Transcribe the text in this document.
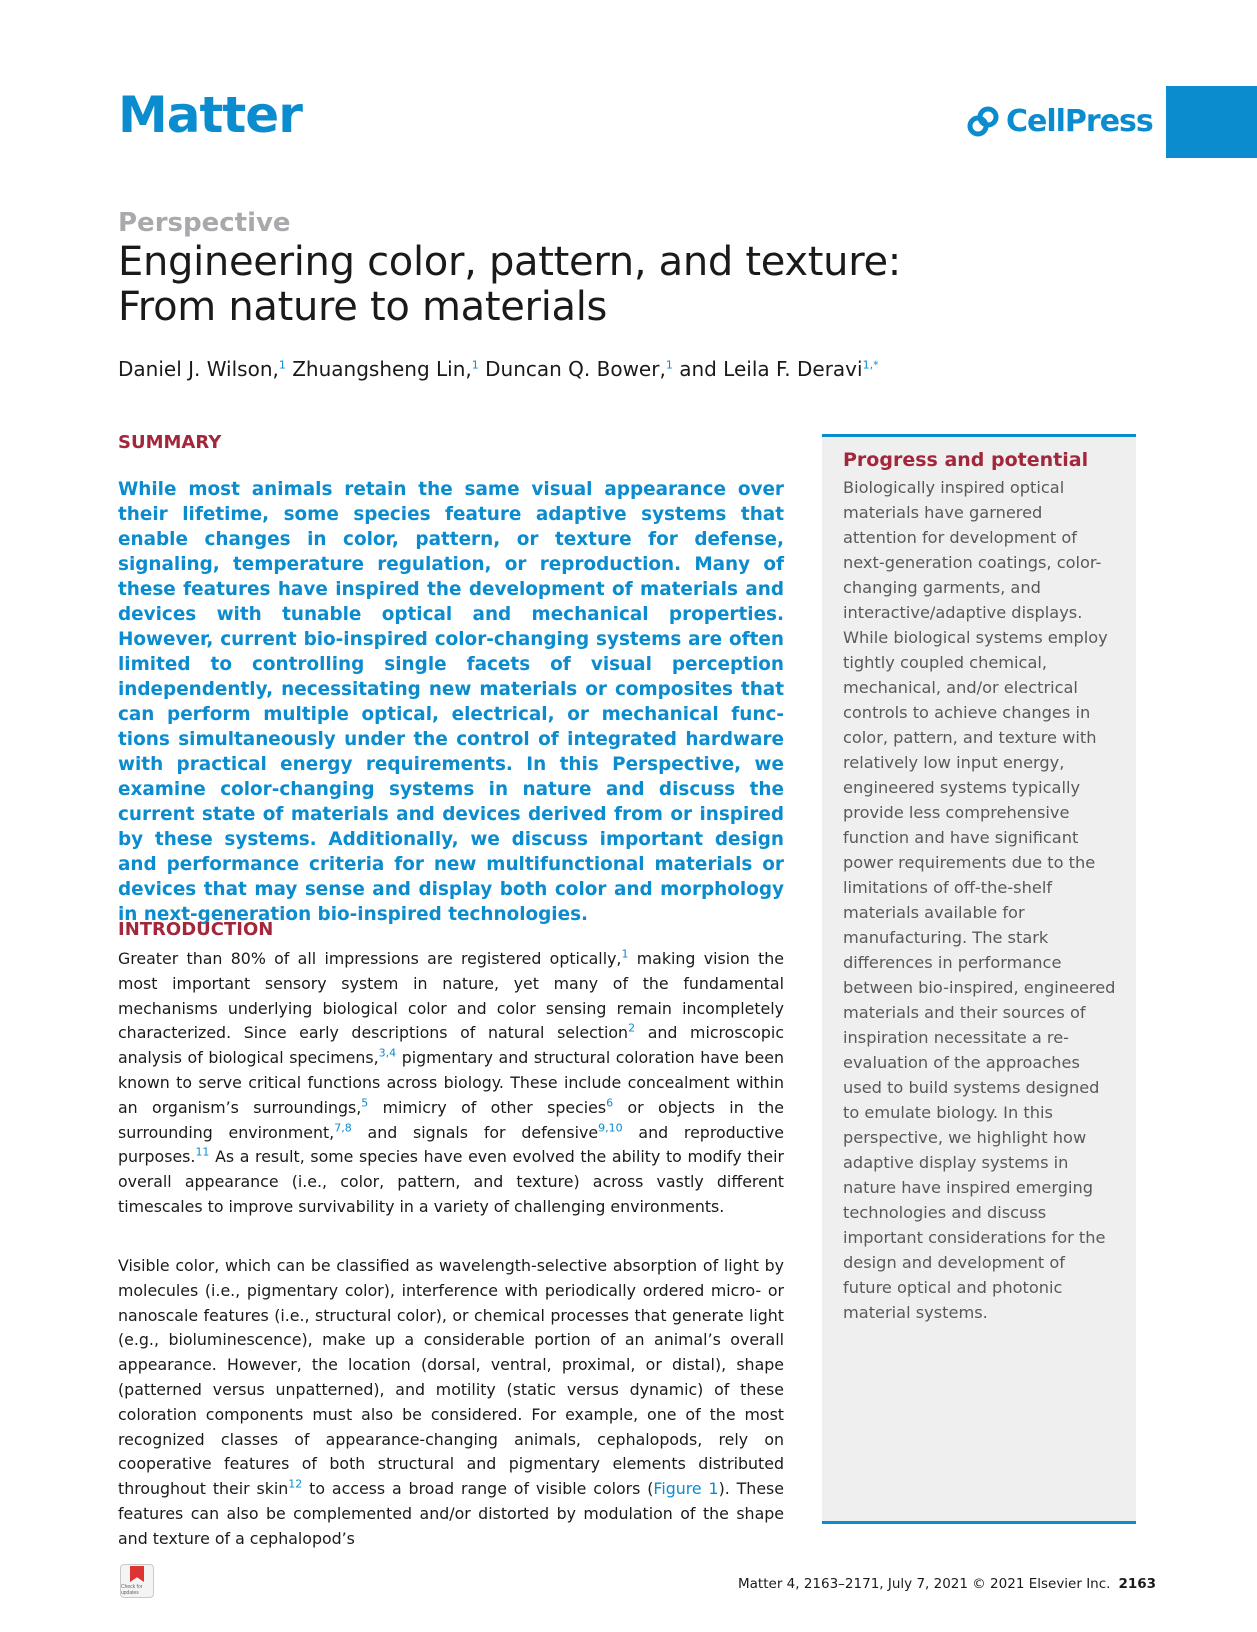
Matter	CellPress
Perspective
Engineering color, pattern, and texture:
From nature to materials
Daniel J. Wilson,$^1$ Zhuangsheng Lin,$^1$ Duncan Q. Bower,$^1$ and Leila F. Deravi$^{1,*}$
SUMMARY

While most animals retain the same visual appearance over their lifetime, some species feature adaptive systems that enable changes in color, pattern, or texture for defense, signaling, temperature regulation, or reproduction. Many of these features have inspired the development of materials and devices with tunable optical and mechanical properties. However, current bio-inspired color-changing systems are often limited to controlling single facets of visual perception independently, necessitating new materials or composites that can perform multiple optical, electrical, or mechanical functions simultaneously under the control of integrated hardware with practical energy requirements. In this Perspective, we examine color-changing systems in nature and discuss the current state of materials and devices derived from or inspired by these systems. Additionally, we discuss important design and performance criteria for new multifunctional materials or devices that may sense and display both color and morphology in next-generation bio-inspired technologies.

INTRODUCTION

Greater than 80% of all impressions are registered optically,$^1$ making vision the most important sensory system in nature, yet many of the fundamental mechanisms underlying biological color and color sensing remain incompletely characterized. Since early descriptions of natural selection$^2$ and microscopic analysis of biological specimens,$^{3,4}$ pigmentary and structural coloration have been known to serve critical functions across biology. These include concealment within an organism’s surroundings,$^5$ mimicry of other species$^6$ or objects in the surrounding environment,$^{7,8}$ and signals for defensive$^{9,10}$ and reproductive purposes.$^{11}$ As a result, some species have even evolved the ability to modify their overall appearance (i.e., color, pattern, and texture) across vastly different timescales to improve survivability in a variety of challenging environments.

Visible color, which can be classified as wavelength-selective absorption of light by molecules (i.e., pigmentary color), interference with periodically ordered micro- or nanoscale features (i.e., structural color), or chemical processes that generate light (e.g., bioluminescence), make up a considerable portion of an animal’s overall appearance. However, the location (dorsal, ventral, proximal, or distal), shape (patterned versus unpatterned), and motility (static versus dynamic) of these coloration components must also be considered. For example, one of the most recognized classes of appearance-changing animals, cephalopods, rely on cooperative features of both structural and pigmentary elements distributed throughout their skin$^{12}$ to access a broad range of visible colors (Figure 1). These features can also be complemented and/or distorted by modulation of the shape and texture of a cephalopod’s

Progress and potential

Biologically inspired optical materials have garnered attention for development of next-generation coatings, color-changing garments, and interactive/adaptive displays. While biological systems employ tightly coupled chemical, mechanical, and/or electrical controls to achieve changes in color, pattern, and texture with relatively low input energy, engineered systems typically provide less comprehensive function and have significant power requirements due to the limitations of off-the-shelf materials available for manufacturing. The stark differences in performance between bio-inspired, engineered materials and their sources of inspiration necessitate a re-evaluation of the approaches used to build systems designed to emulate biology. In this perspective, we highlight how adaptive display systems in nature have inspired emerging technologies and discuss important considerations for the design and development of future optical and photonic material systems.

Check for updates
Matter 4, 2163–2171, July 7, 2021 © 2021 Elsevier Inc. 2163
